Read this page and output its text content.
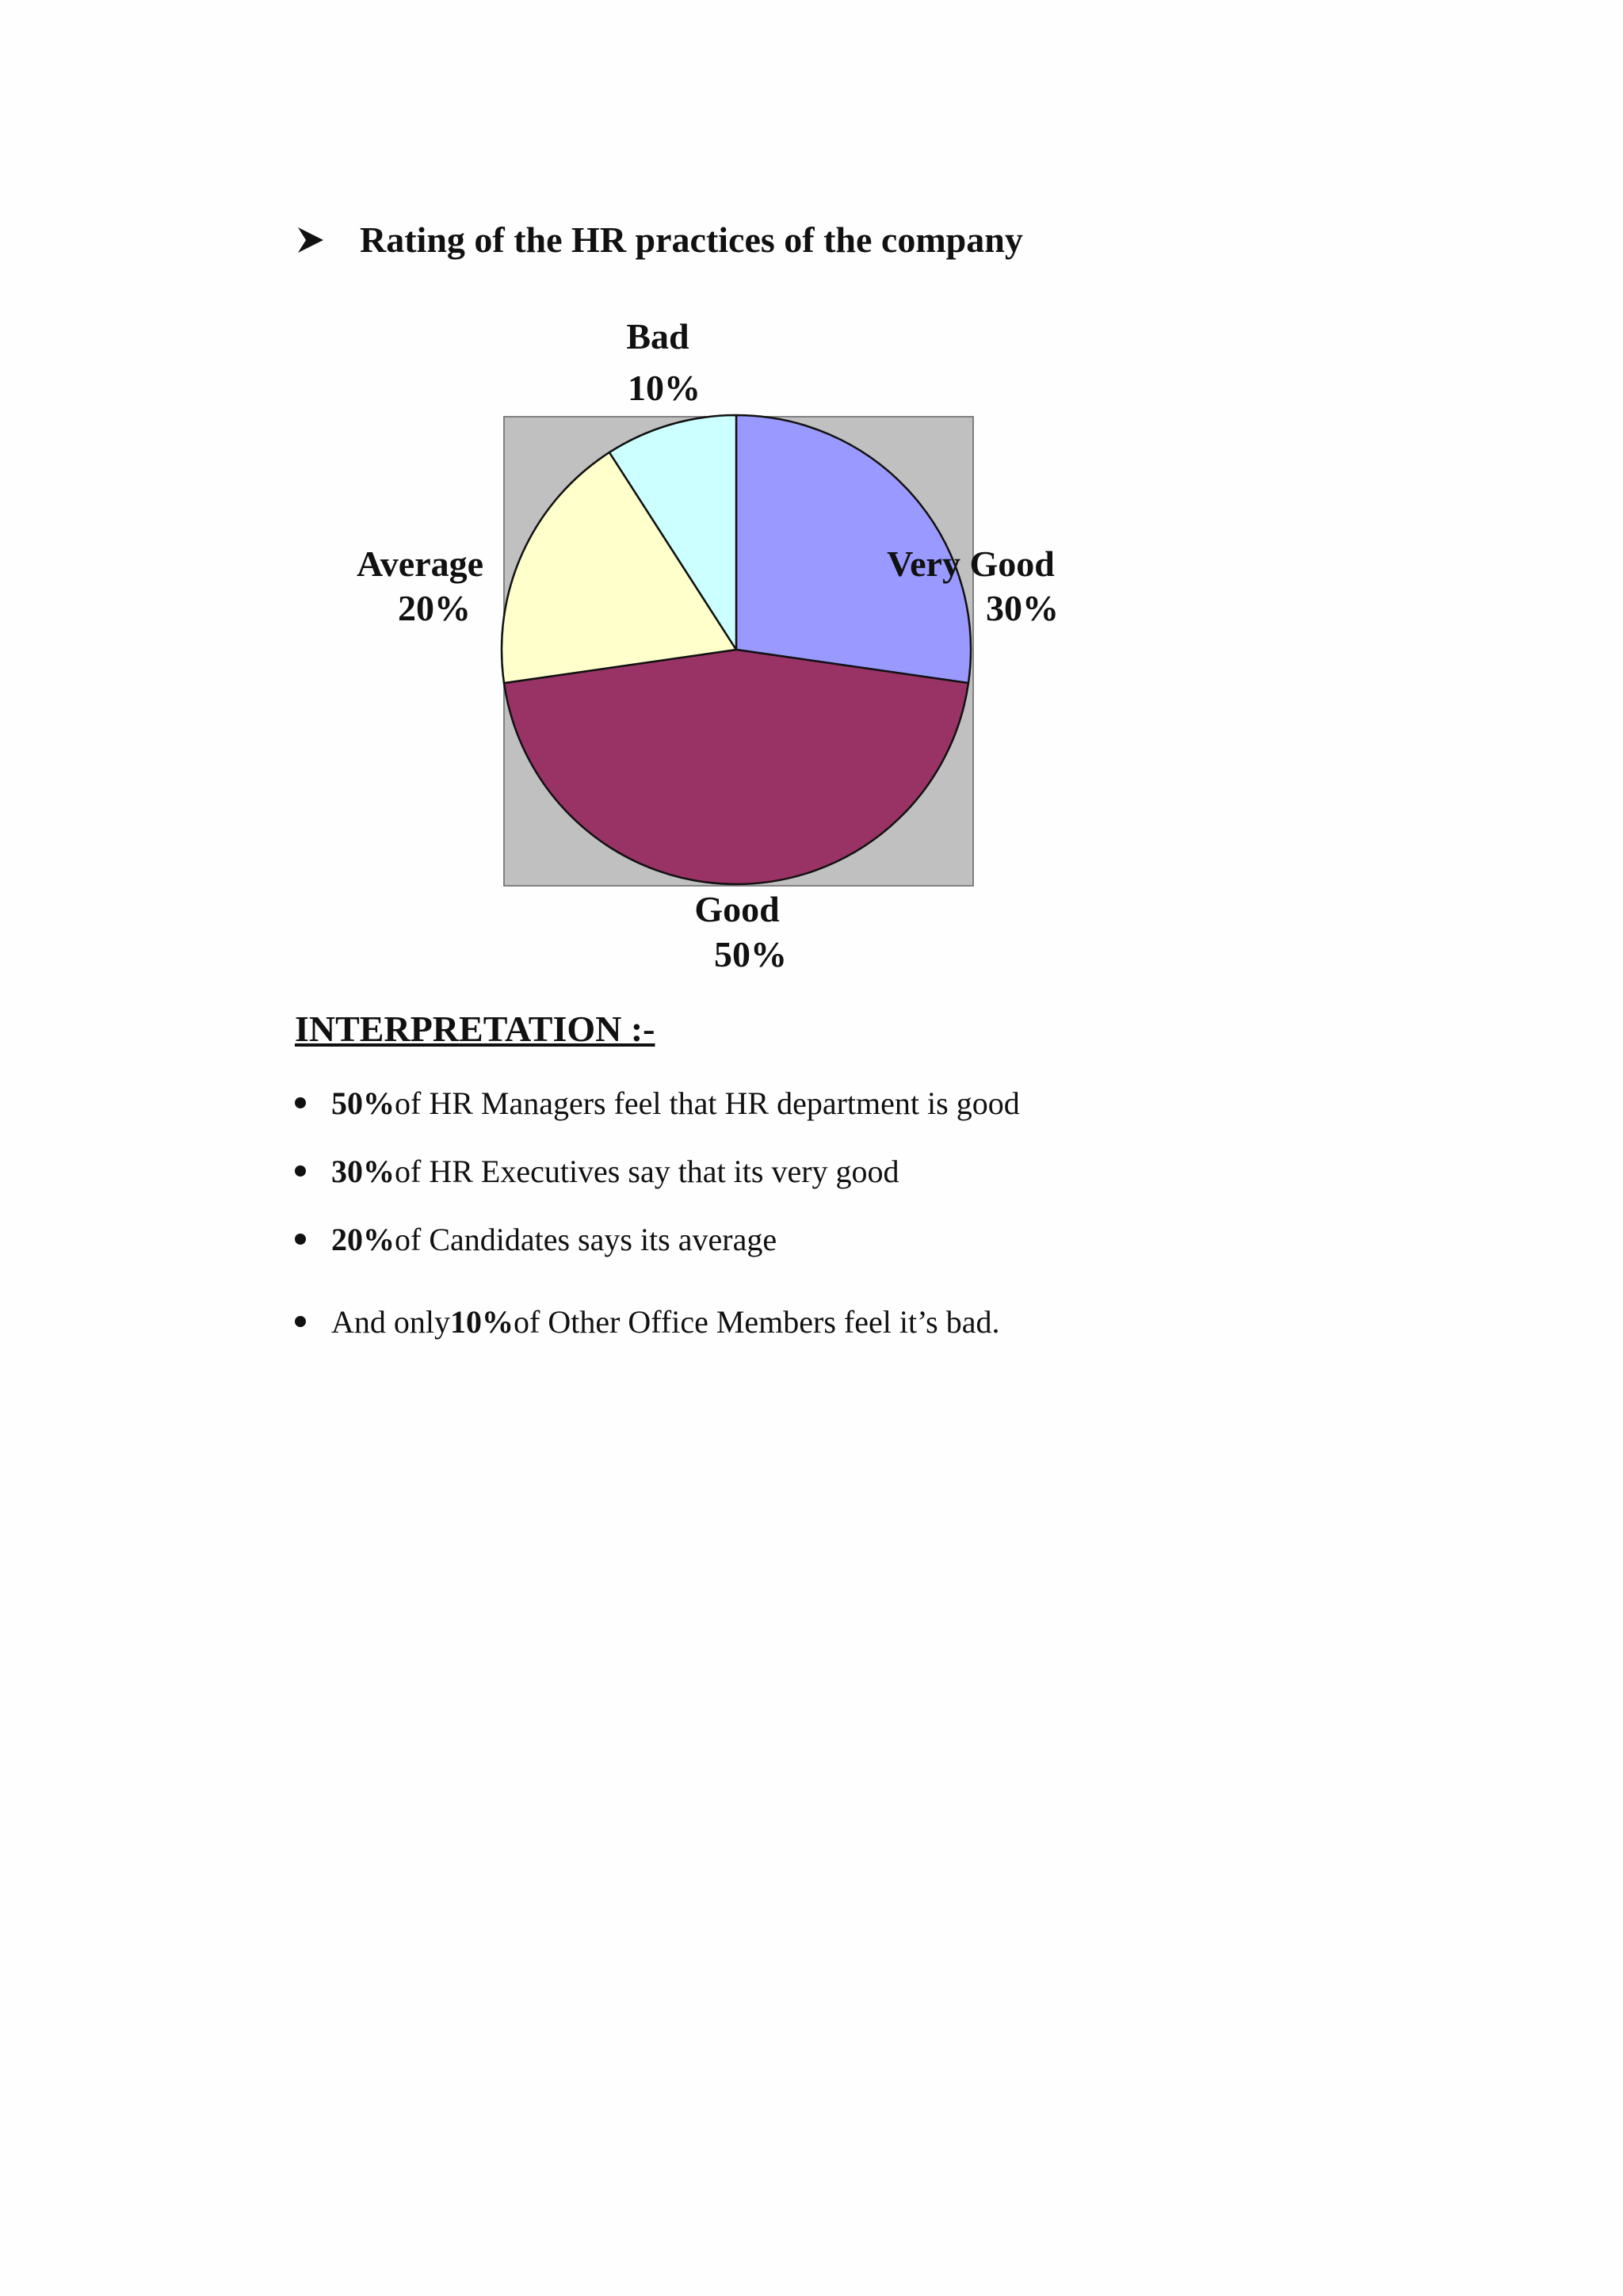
Rating of the HR practices of the company
Very Good
30%
Good
50%
Average
20%
Bad
10%
INTERPRETATION :-
50% of HR Managers feel that HR department is good
30% of HR Executives say that its very good
20% of Candidates says its average
And only 10% of Other Office Members feel it’s bad.
